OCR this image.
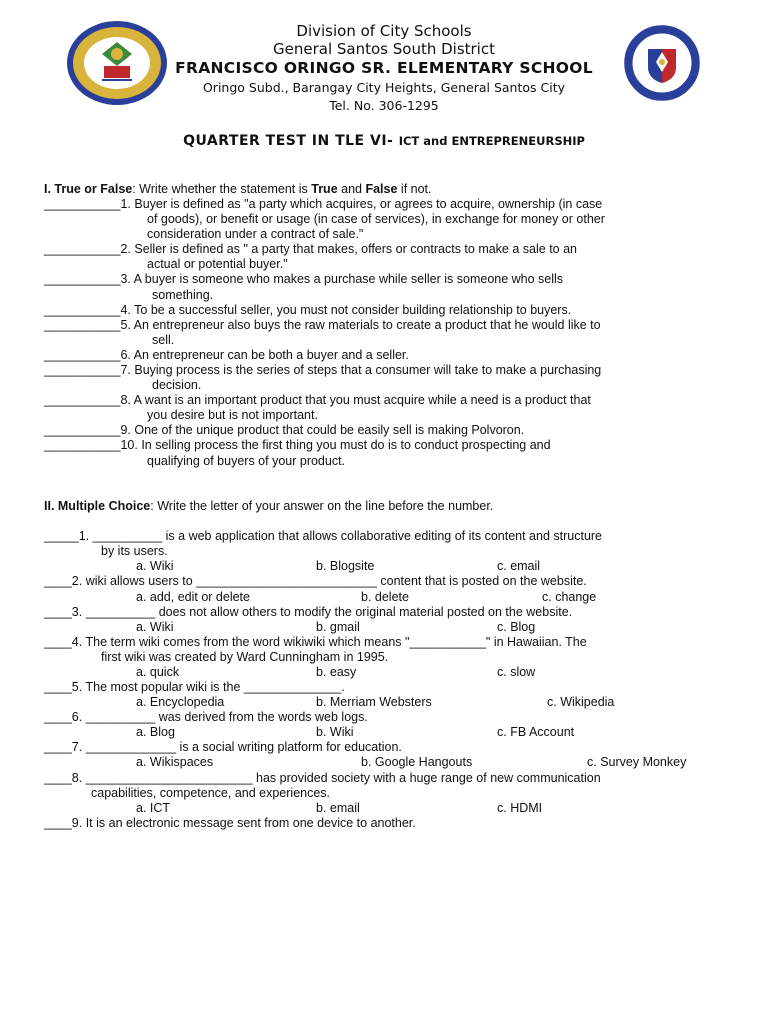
Division of City Schools
General Santos South District
FRANCISCO ORINGO SR. ELEMENTARY SCHOOL
Oringo Subd., Barangay City Heights, General Santos City
Tel. No. 306-1295
QUARTER TEST IN TLE VI- ICT and ENTREPRENEURSHIP
I. True or False: Write whether the statement is True and False if not.
___________1. Buyer is defined as "a party which acquires, or agrees to acquire, ownership (in case
of goods), or benefit or usage (in case of services), in exchange for money or other
consideration under a contract of sale."
___________2. Seller is defined as " a party that makes, offers or contracts to make a sale to an
actual or potential buyer."
___________3. A buyer is someone who makes a purchase while seller is someone who sells
something.
___________4. To be a successful seller, you must not consider building relationship to buyers.
___________5. An entrepreneur also buys the raw materials to create a product that he would like to
sell.
___________6. An entrepreneur can be both a buyer and a seller.
___________7. Buying process is the series of steps that a consumer will take to make a purchasing
decision.
___________8. A want is an important product that you must acquire while a need is a product that
you desire but is not important.
___________9. One of the unique product that could be easily sell is making Polvoron.
___________10. In selling process the first thing you must do is to conduct prospecting and
qualifying of buyers of your product.
II. Multiple Choice: Write the letter of your answer on the line before the number.
_____1. __________ is a web application that allows collaborative editing of its content and structure
by its users.
a. Wiki	b. Blogsite	c. email
____2. wiki allows users to __________________________ content that is posted on the website.
a. add, edit or delete	b. delete	c. change
____3. __________ does not allow others to modify the original material posted on the website.
a. Wiki	b. gmail	c. Blog
____4. The term wiki comes from the word wikiwiki which means "___________" in Hawaiian. The
first wiki was created by Ward Cunningham in 1995.
a. quick	b. easy	c. slow
____5. The most popular wiki is the ______________.
a. Encyclopedia	b. Merriam Websters	c. Wikipedia
____6. __________ was derived from the words web logs.
a. Blog	b. Wiki	c. FB Account
____7. _____________ is a social writing platform for education.
a. Wikispaces	b. Google Hangouts	c. Survey Monkey
____8. ________________________ has provided society with a huge range of new communication
capabilities, competence, and experiences.
a. ICT	b. email	c. HDMI
____9. It is an electronic message sent from one device to another.
